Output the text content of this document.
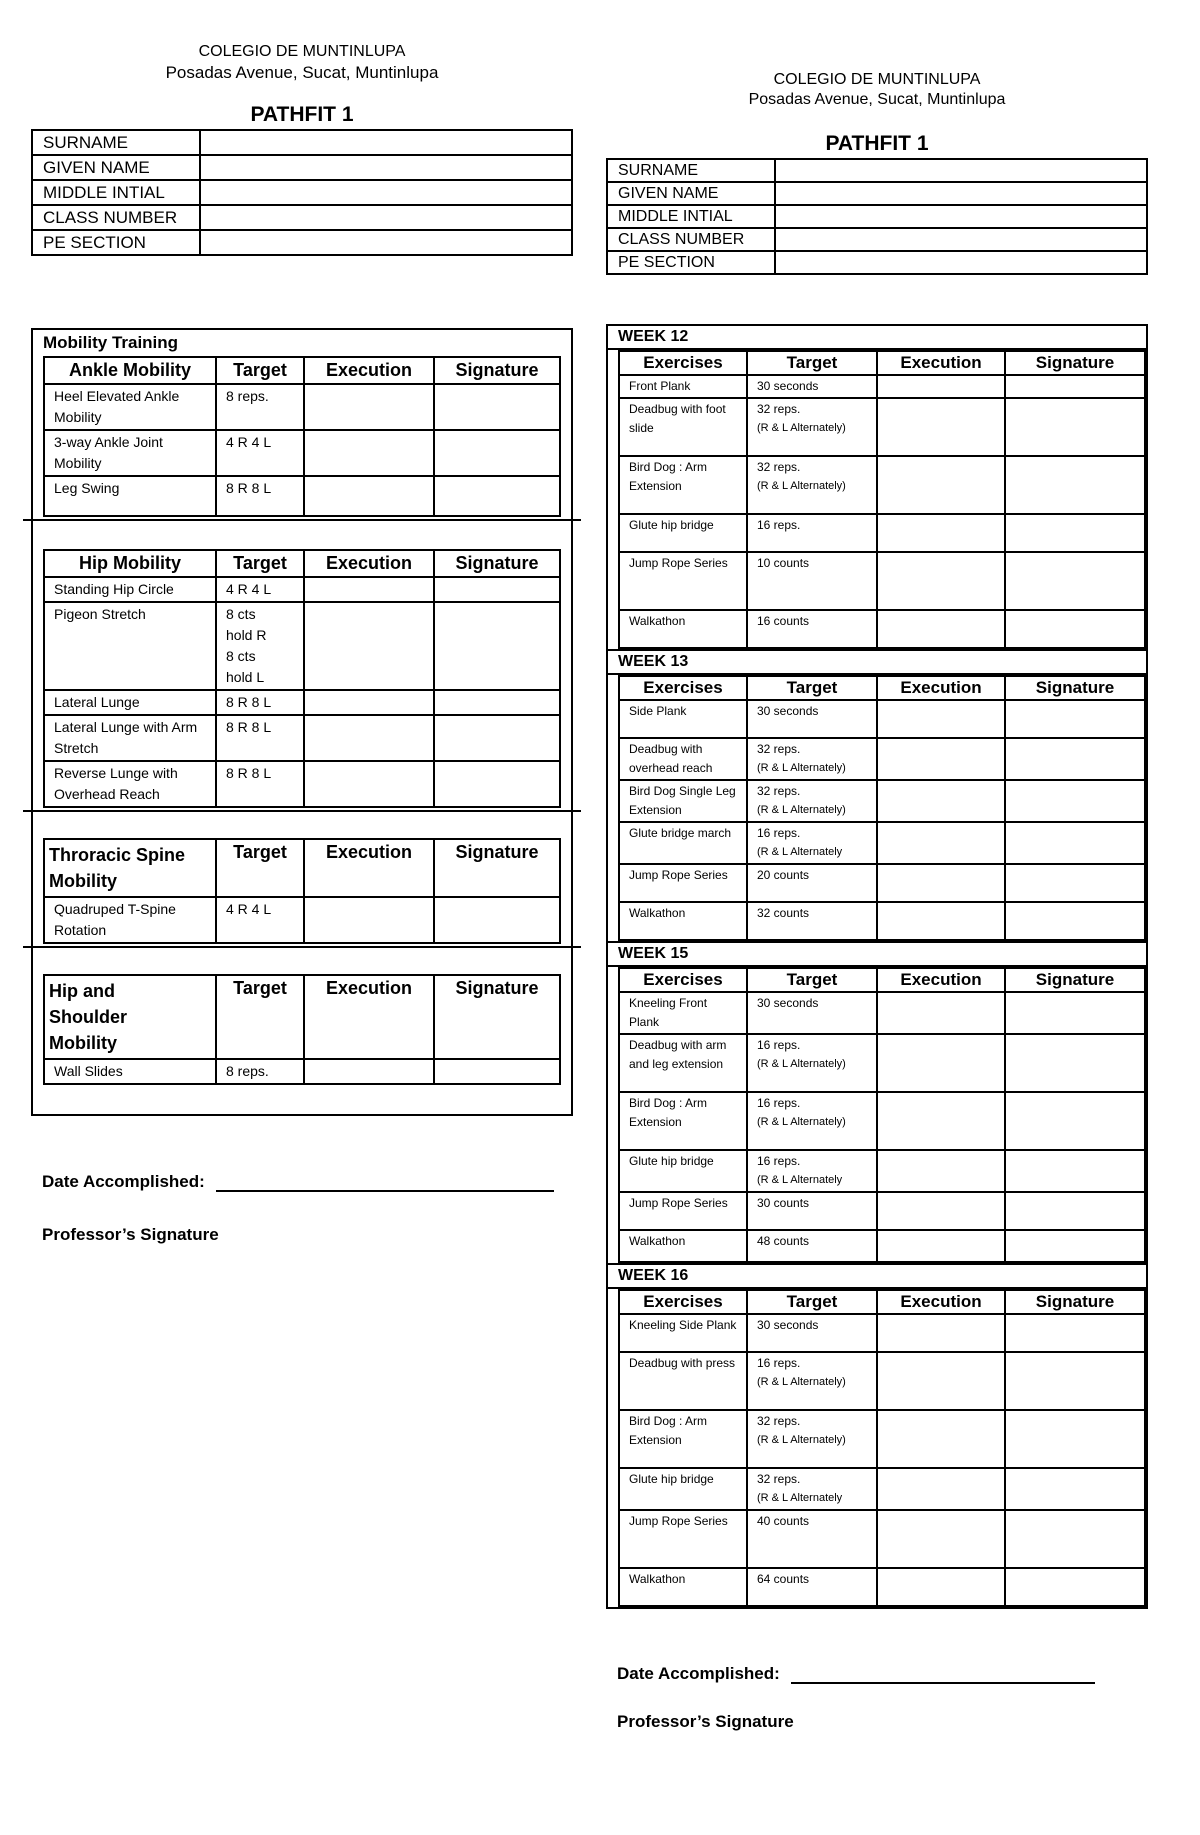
COLEGIO DE MUNTINLUPA
Posadas Avenue, Sucat, Muntinlupa
PATHFIT 1
SURNAME	
GIVEN NAME	
MIDDLE INTIAL	
CLASS NUMBER	
PE SECTION	
Mobility Training
Ankle Mobility	Target	Execution	Signature
Heel Elevated Ankle Mobility	8 reps.		
3-way Ankle Joint Mobility	4 R 4 L		
Leg Swing	8 R 8 L		
Hip Mobility	Target	Execution	Signature
Standing Hip Circle	4 R 4 L		
Pigeon Stretch	8 cts
hold R
8 cts
hold L		
Lateral Lunge	8 R 8 L		
Lateral Lunge with Arm Stretch	8 R 8 L		
Reverse Lunge with Overhead Reach	8 R 8 L		
Throracic Spine Mobility	Target	Execution	Signature
Quadruped T-Spine Rotation	4 R 4 L		
Hip and Shoulder Mobility	Target	Execution	Signature
Wall Slides	8 reps.		
Date Accomplished:
Professor’s Signature
COLEGIO DE MUNTINLUPA
Posadas Avenue, Sucat, Muntinlupa
PATHFIT 1
SURNAME	
GIVEN NAME	
MIDDLE INTIAL	
CLASS NUMBER	
PE SECTION	
WEEK 12
Exercises	Target	Execution	Signature
Front Plank	30 seconds		
Deadbug with foot slide	32 reps.
(R & L Alternately)		

Bird Dog : Arm Extension	32 reps.
(R & L Alternately)		

Glute hip bridge	16 reps.		
Jump Rope Series	10 counts		
Walkathon	16 counts		
WEEK 13
Exercises	Target	Execution	Signature
Side Plank	30 seconds		
Deadbug with overhead reach	32 reps.
(R & L Alternately)		

Bird Dog Single Leg Extension	32 reps.
(R & L Alternately)		

Glute bridge march	16 reps.
(R & L Alternately		

Jump Rope Series	20 counts		
Walkathon	32 counts		
WEEK 15
Exercises	Target	Execution	Signature
Kneeling Front Plank	30 seconds		
Deadbug with arm and leg extension	16 reps.
(R & L Alternately)		

Bird Dog : Arm Extension	16 reps.
(R & L Alternately)		

Glute hip bridge	16 reps.
(R & L Alternately		

Jump Rope Series	30 counts		
Walkathon	48 counts		
WEEK 16
Exercises	Target	Execution	Signature
Kneeling Side Plank	30 seconds		
Deadbug with press	16 reps.
(R & L Alternately)		

Bird Dog : Arm Extension	32 reps.
(R & L Alternately)		

Glute hip bridge	32 reps.
(R & L Alternately		

Jump Rope Series	40 counts		
Walkathon	64 counts		
Date Accomplished:
Professor’s Signature
